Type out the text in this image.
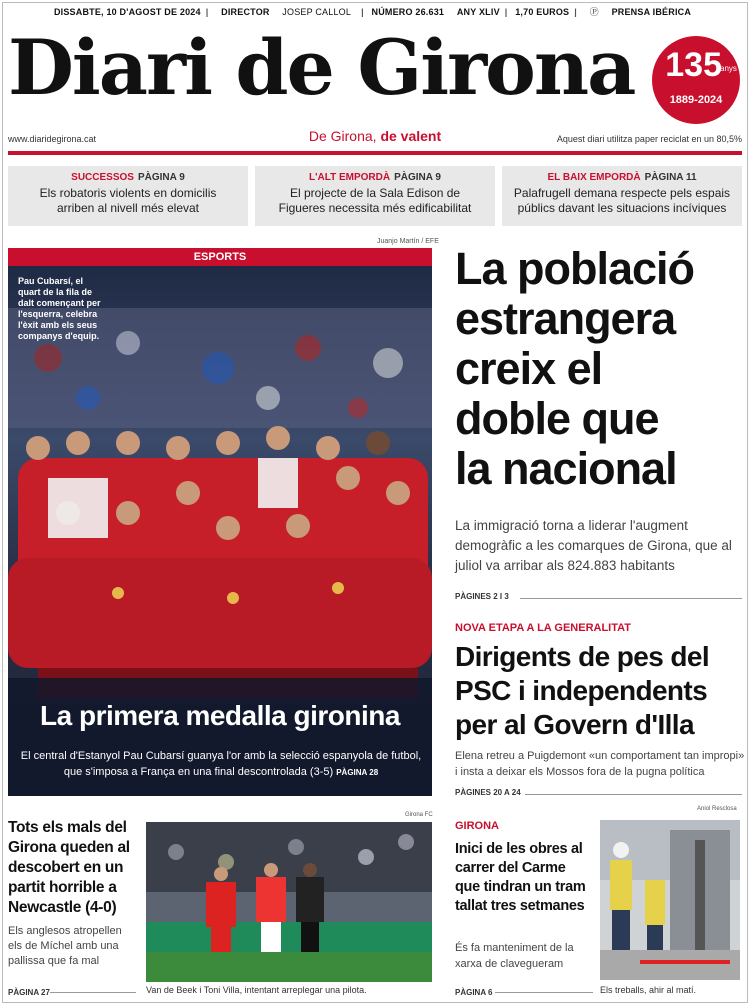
DISSABTE, 10 D'AGOST DE 2024 | DIRECTOR JOSEP CALLOL | NÚMERO 26.631 ANY XLIV | 1,70 EUROS | Ⓟ PRENSA IBÉRICA
Diari de Girona 135
anys
1889-2024
www.diaridegirona.cat	De Girona, de valent	Aquest diari utilitza paper reciclat en un 80,5%
SUCCESSOS PÀGINA 9
Els robatoris violents en domicilis
arriben al nivell més elevat
L'ALT EMPORDÀ PÀGINA 9
El projecte de la Sala Edison de
Figueres necessita més edificabilitat
EL BAIX EMPORDÀ PÀGINA 11
Palafrugell demana respecte pels espais
públics davant les situacions incíviques
Juanjo Martín / EFE
ESPORTS
Pau Cubarsí, el quart de la fila de dalt començant per l'esquerra, celebra l'èxit amb els seus companys d'equip.
La primera medalla gironina
El central d'Estanyol Pau Cubarsí guanya l'or amb la selecció espanyola de futbol, que s'imposa a França en una final descontrolada (3-5) PÀGINA 28
La població
estrangera
creix el
doble que
la nacional
La immigració torna a liderar l'augment demogràfic a les comarques de Girona, que al juliol va arribar als 824.883 habitants
PÀGINES 2 I 3
NOVA ETAPA A LA GENERALITAT
Dirigents de pes del PSC i independents per al Govern d'Illa
Elena retreu a Puigdemont «un comportament tan impropi» i insta a deixar els Mossos fora de la pugna política
PÀGINES 20 A 24
Tots els mals del Girona queden al descobert en un partit horrible a Newcastle (4-0)
Els anglesos atropellen els de Míchel amb una pallissa que fa mal
PÀGINA 27
Girona FC
Van de Beek i Toni Villa, intentant arreplegar una pilota.
GIRONA
Inici de les obres al carrer del Carme que tindran un tram tallat tres setmanes
És fa manteniment de la xarxa de clavegueram
PÀGINA 6
Aniol Resclosa
Els treballs, ahir al matí.
